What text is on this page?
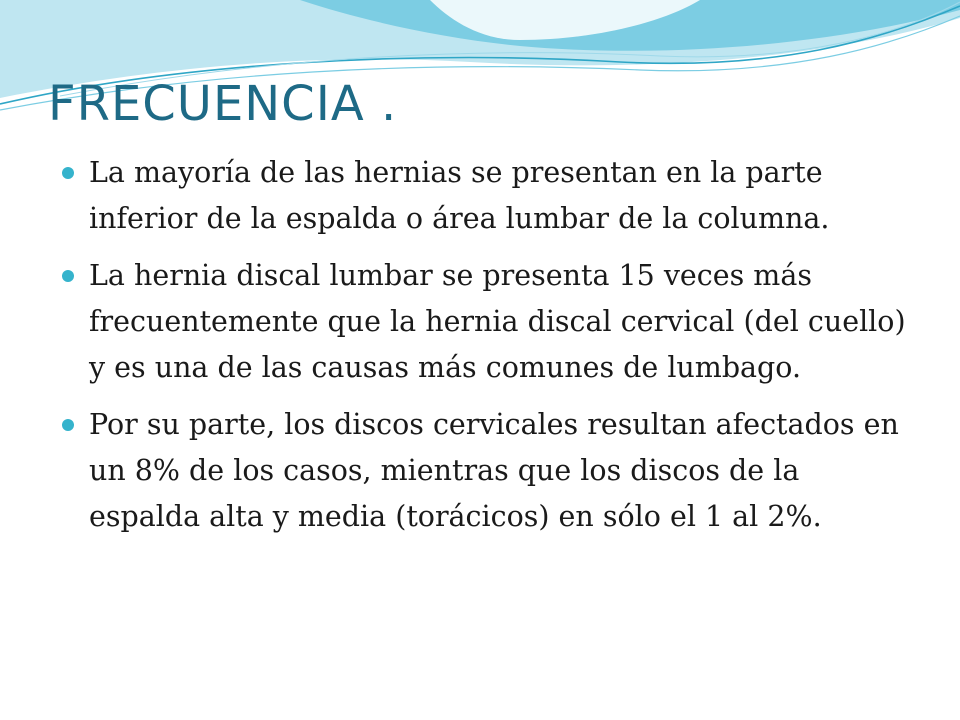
FRECUENCIA .
La mayoría de las hernias se presentan en la parte inferior de la espalda o área lumbar de la columna.
La hernia discal lumbar se presenta 15 veces más frecuentemente que la hernia discal cervical (del cuello) y es una de las causas más comunes de lumbago.
Por su parte, los discos cervicales resultan afectados en un 8% de los casos, mientras que los discos de la espalda alta y media (torácicos) en sólo el 1 al 2%.
